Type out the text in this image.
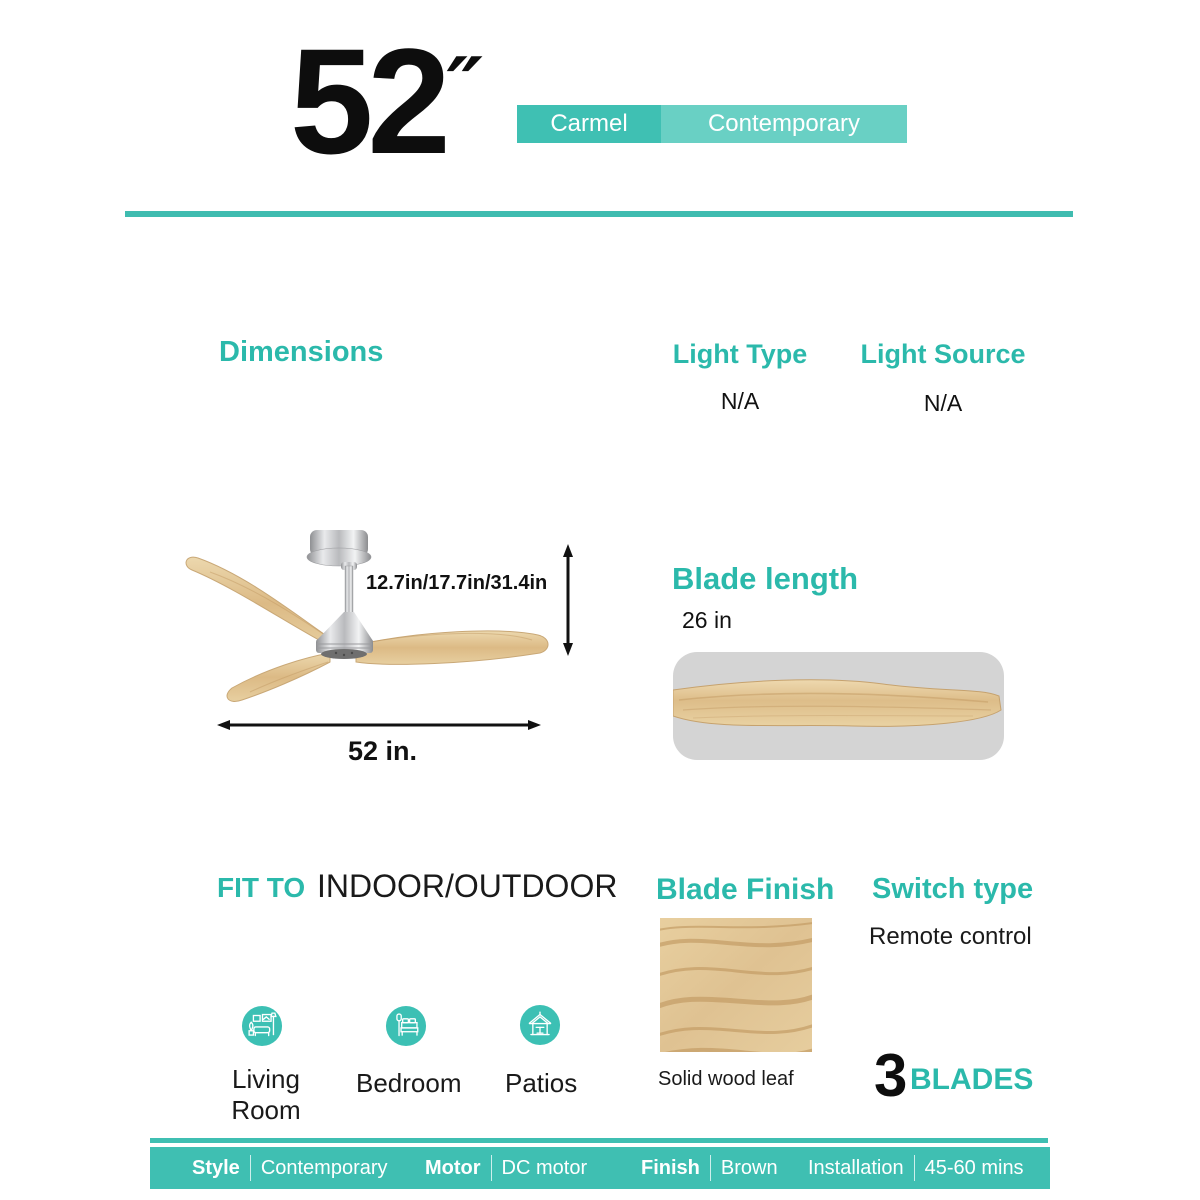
52
″	Carmel	Contemporary
Dimensions	Light Type	Light Source
N/A	N/A
12.7in/17.7in/31.4in
52 in.
Blade length
26 in
FIT TO INDOOR/OUTDOOR
Living Room
Bedroom Patios
Blade Finish
Solid wood leaf
Switch type
Remote control
3 BLADES
Style Contemporary Motor DC motor	Finish Brown Installation 45-60 mins
